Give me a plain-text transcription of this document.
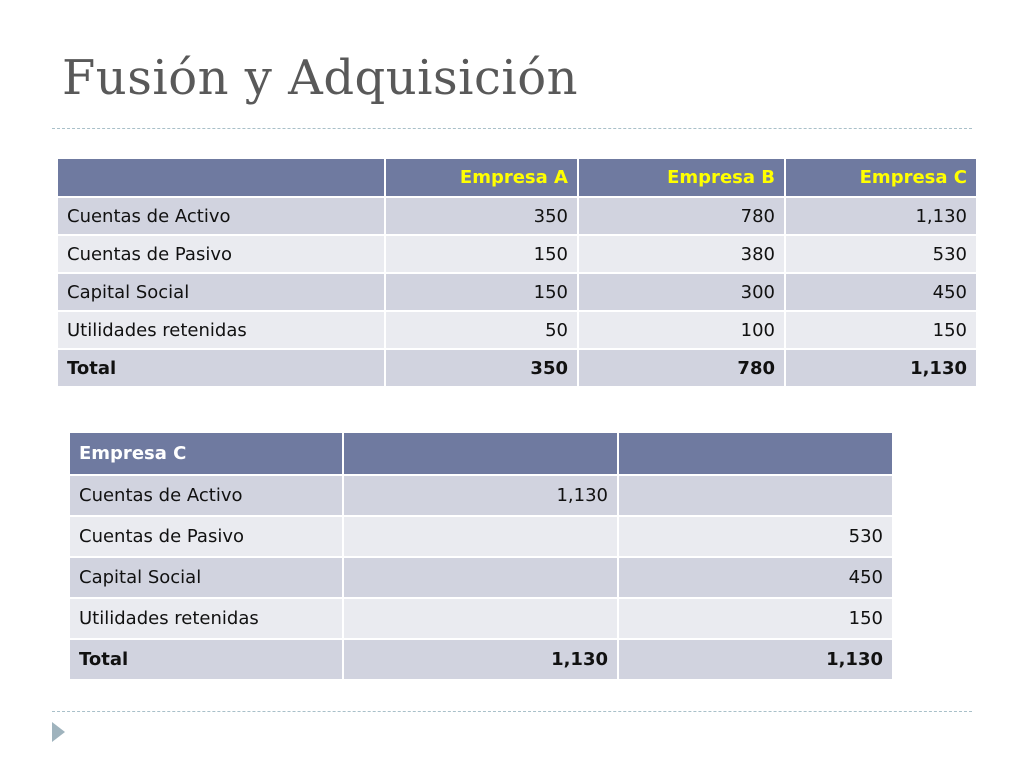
Fusión y Adquisición
	Empresa A	Empresa B	Empresa C
Cuentas de Activo	350	780	1,130
Cuentas de Pasivo	150	380	530
Capital Social	150	300	450
Utilidades retenidas	50	100	150
Total	350	780	1,130
Empresa C		
Cuentas de Activo	1,130	
Cuentas de Pasivo		530
Capital Social		450
Utilidades retenidas		150
Total	1,130	1,130
